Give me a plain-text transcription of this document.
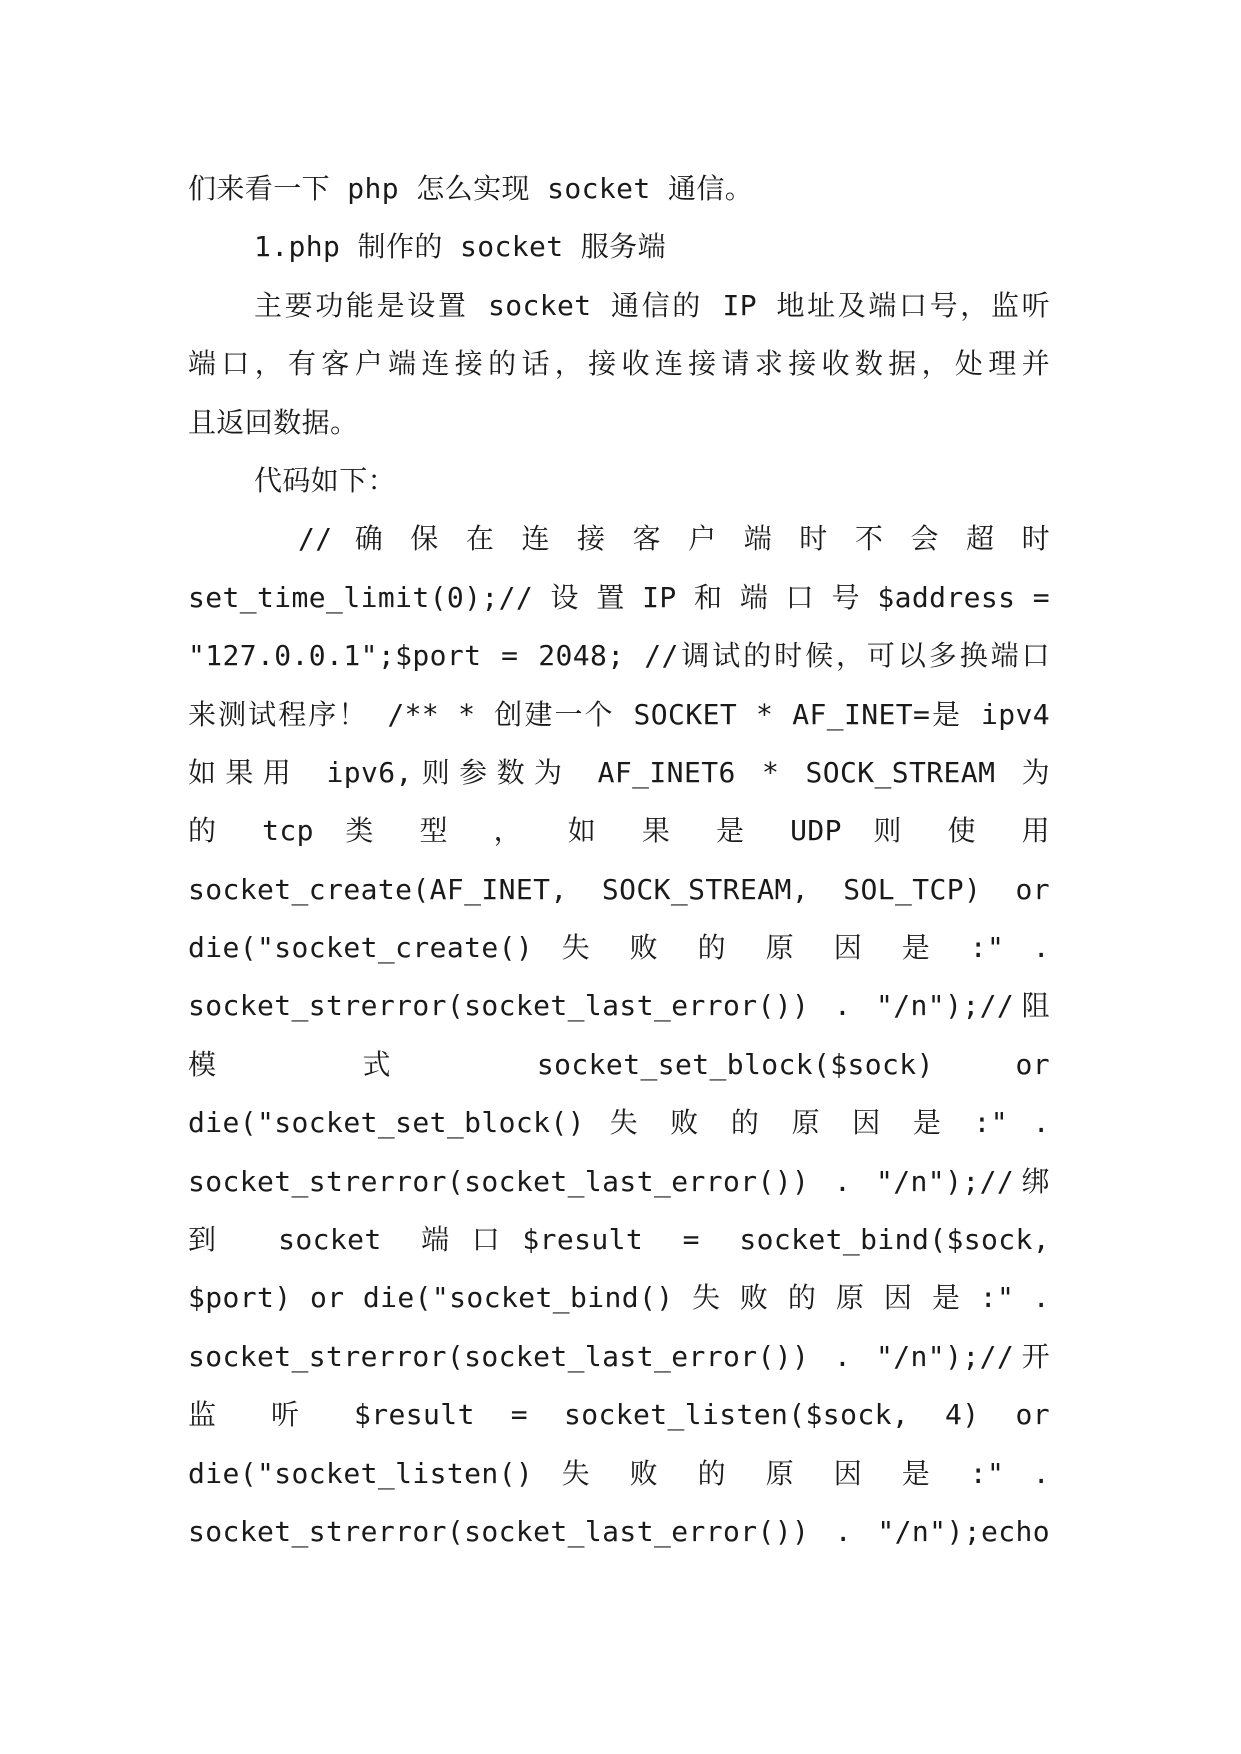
们来看一下 php 怎么实现 socket 通信。
1.php 制作的 socket 服务端
主要功能是设置 socket 通信的 IP 地址及端口号，监听
端口，有客户端连接的话，接收连接请求接收数据，处理并
且返回数据。
代码如下：
// 确 保 在 连 接 客 户 端 时 不 会 超 时
set_time_limit(0);// 设 置 IP 和 端 口 号 $address =
"127.0.0.1";$port = 2048; //调试的时候，可以多换端口
来测试程序！ /** * 创建一个 SOCKET * AF_INET=是 ipv4
如果用 ipv6,则参数为 AF_INET6 * SOCK_STREAM 为
的 tcp 类 型 ， 如 果 是 UDP 则 使 用
socket_create(AF_INET, SOCK_STREAM, SOL_TCP) or
die("socket_create() 失 败 的 原 因 是 :" .
socket_strerror(socket_last_error()) . "/n");//阻
模 式 socket_set_block($sock) or
die("socket_set_block() 失 败 的 原 因 是 :" .
socket_strerror(socket_last_error()) . "/n");//绑
到 socket 端口$result = socket_bind($sock,
$port) or die("socket_bind() 失 败 的 原 因 是 :" .
socket_strerror(socket_last_error()) . "/n");//开
监 听 $result = socket_listen($sock, 4) or
die("socket_listen() 失 败 的 原 因 是 :" .
socket_strerror(socket_last_error()) . "/n");echo
